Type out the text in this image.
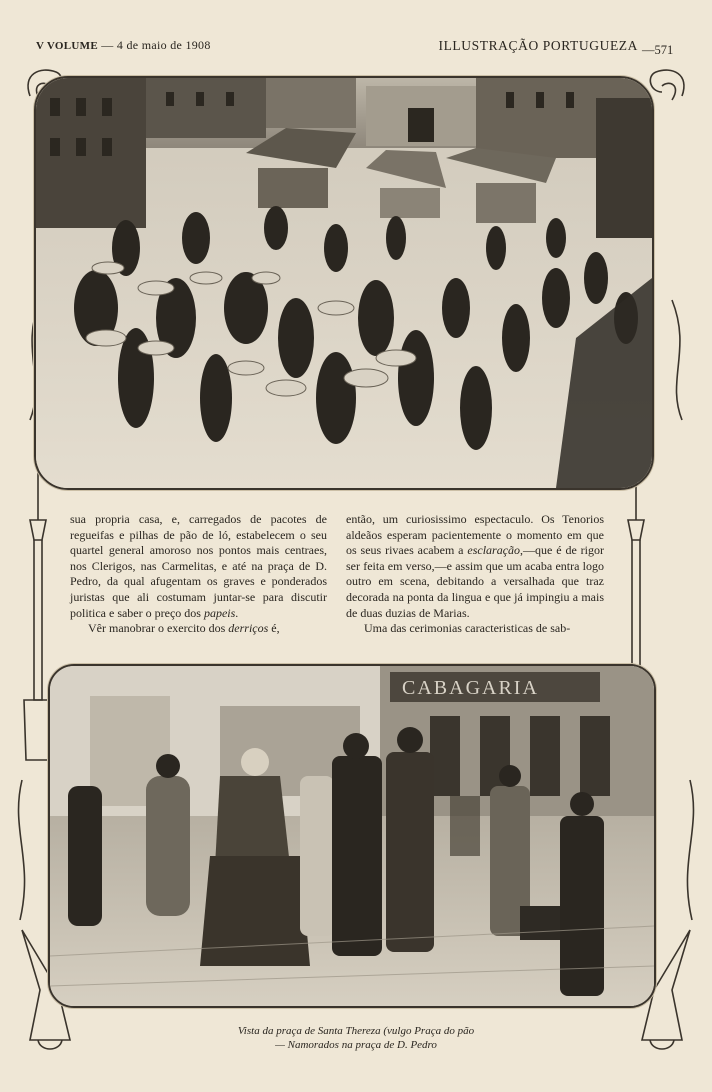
V VOLUME — 4 de maio de 1908	ILLUSTRAÇÃO PORTUGUEZA —571

sua propria casa, e, carregados de pacotes de regueifas e pilhas de pão de ló, estabelecem o seu quartel general amoroso nos pontos mais centraes, nos Clerigos, nas Carmelitas, e até na praça de D. Pedro, da qual afugentam os graves e ponderados juristas que ali costumam juntar-se para discutir politica e saber o preço dos papeis.

Vêr manobrar o exercito dos derriços é,

então, um curiosissimo espectaculo. Os Tenorios aldeãos esperam pacientemente o momento em que os seus rivaes acabem a esclaração,—que é de rigor ser feita em verso,—e assim que um acaba entra logo outro em scena, debitando a versalhada que traz decorada na ponta da lingua e que já impingiu a mais de duas duzias de Marias.

Uma das cerimonias caracteristicas de sab-

CABAGARIA
Vista da praça de Santa Thereza (vulgo Praça do pão
— Namorados na praça de D. Pedro
